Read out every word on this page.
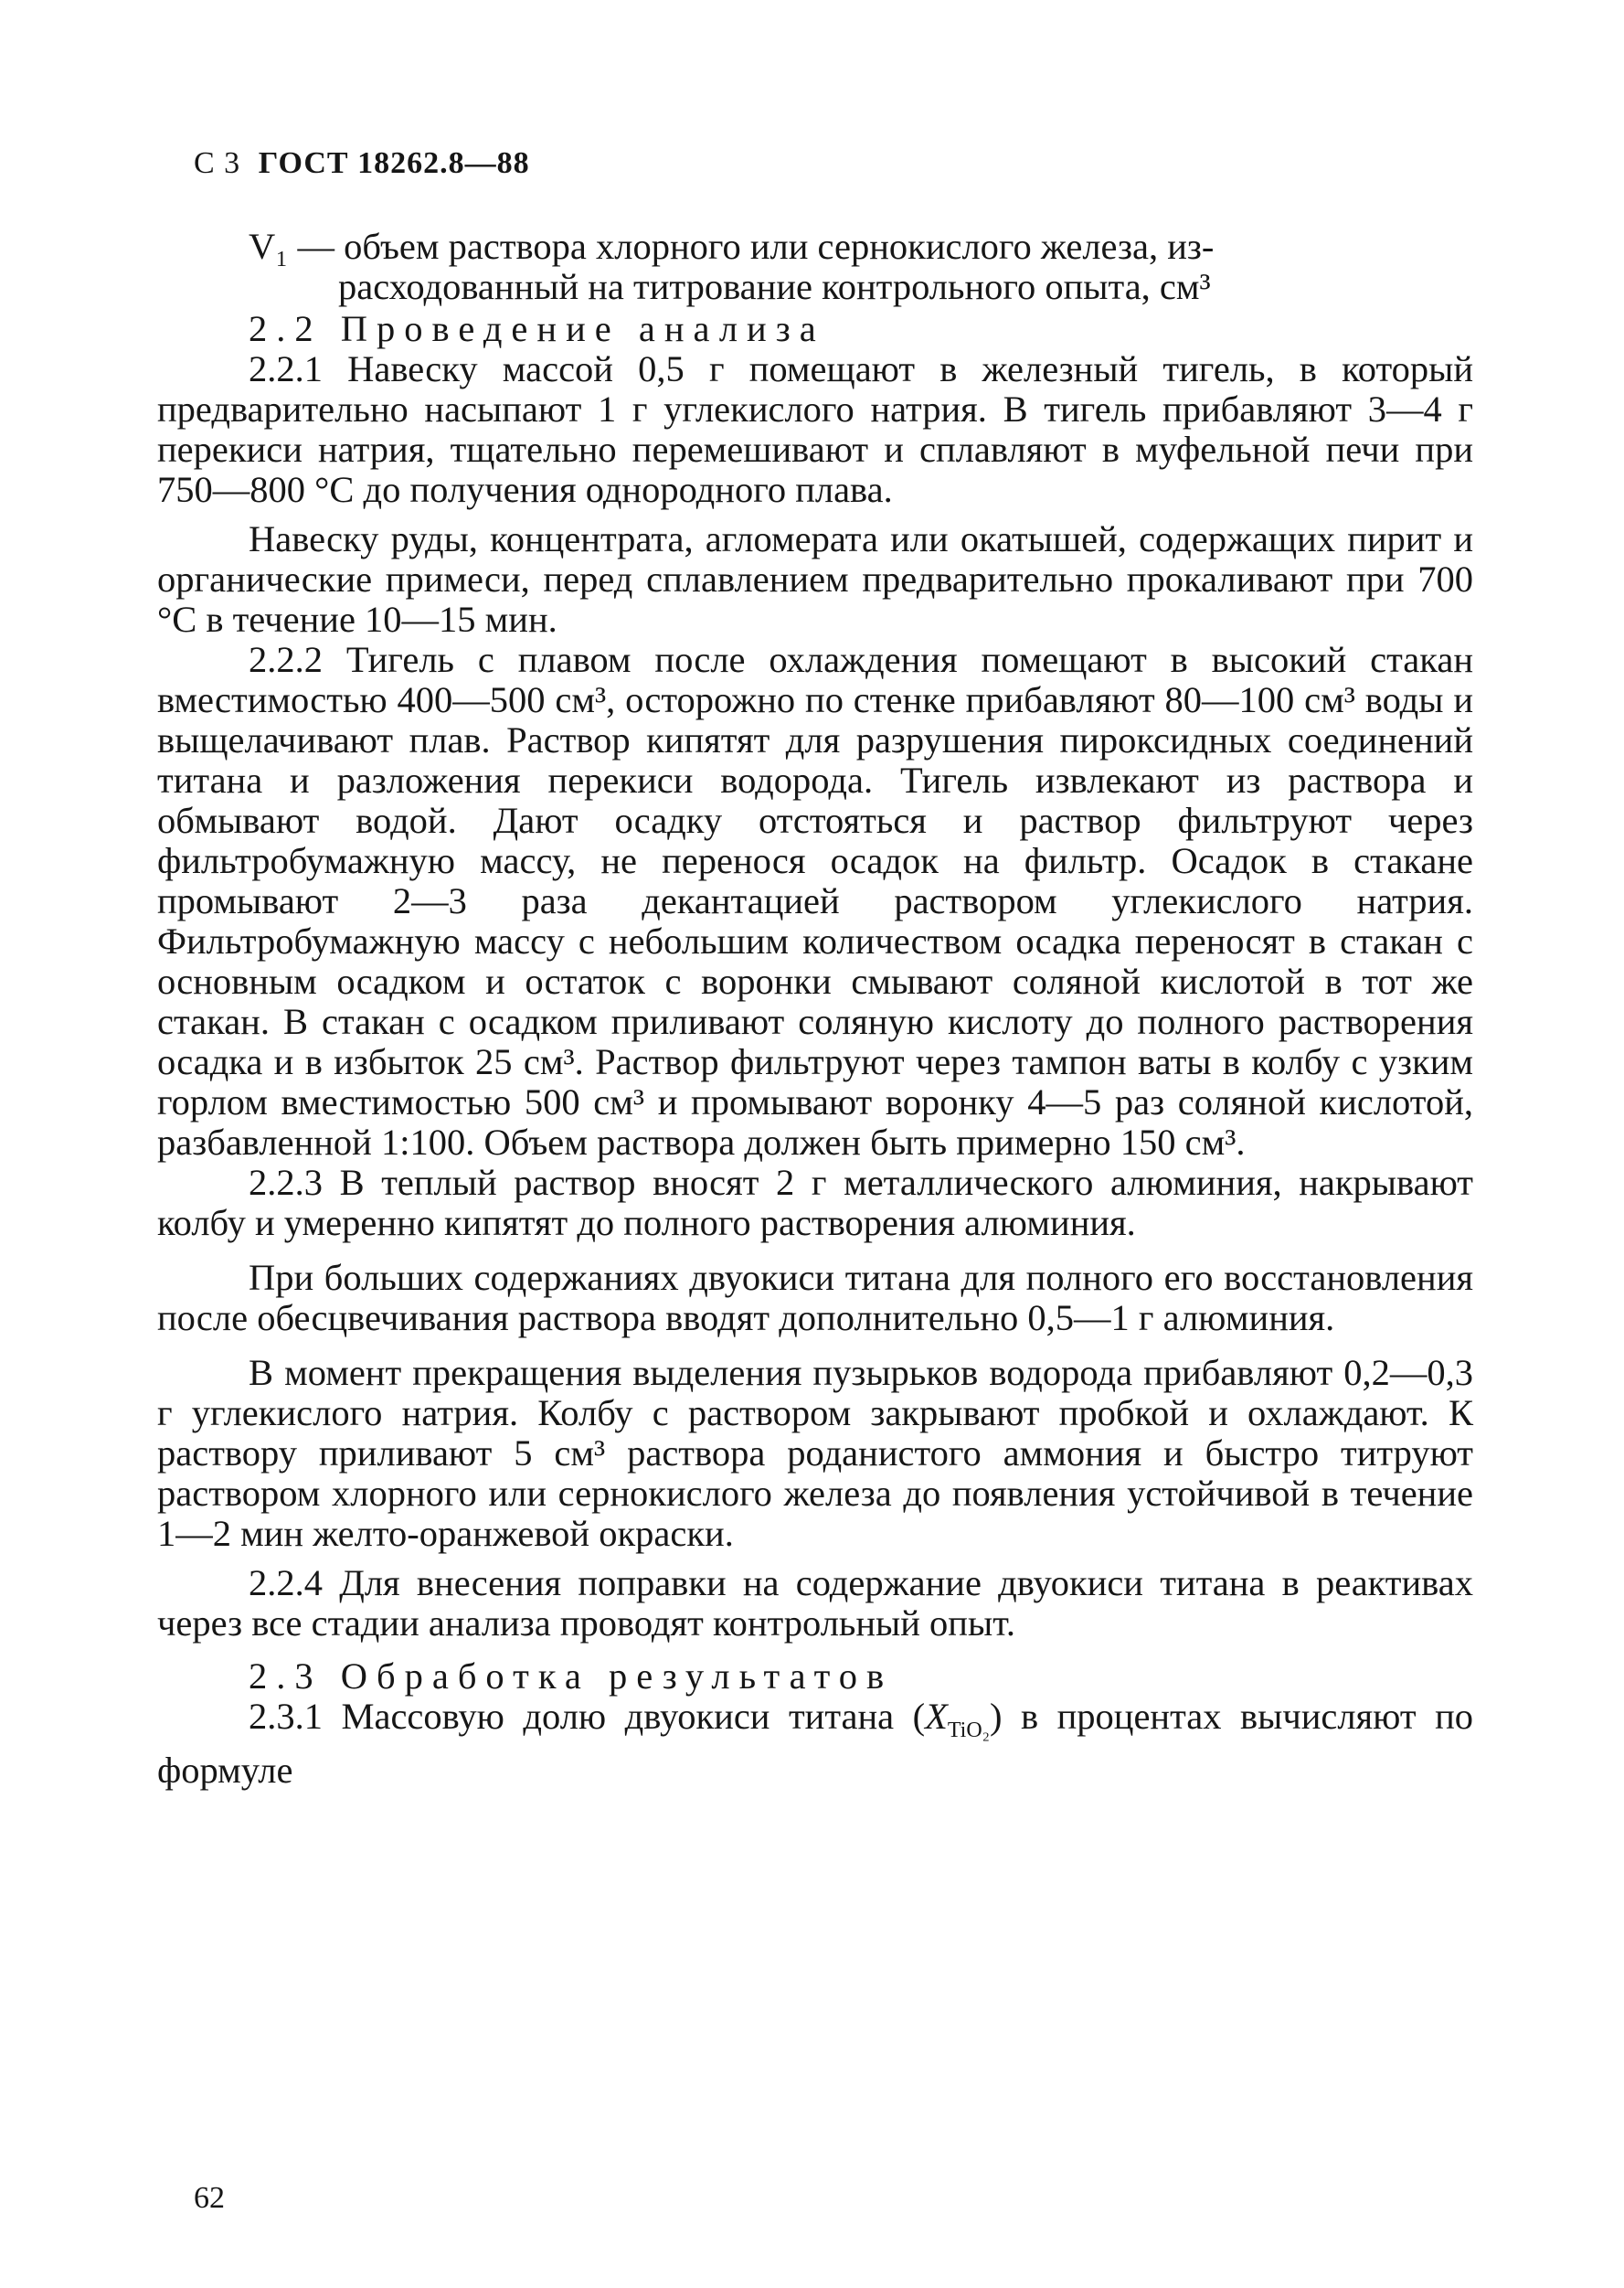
С 3 ГОСТ 18262.8—88

V₁ — объем раствора хлорного или сернокислого железа, из-

расходованный на титрование контрольного опыта, см³

2.2 Проведение анализа

2.2.1 Навеску массой 0,5 г помещают в железный тигель, в который предварительно насыпают 1 г углекислого натрия. В тигель прибавляют 3—4 г перекиси натрия, тщательно перемешивают и сплавляют в муфельной печи при 750—800 °С до получения однородного плава.

Навеску руды, концентрата, агломерата или окатышей, содержащих пирит и органические примеси, перед сплавлением предварительно прокаливают при 700 °С в течение 10—15 мин.

2.2.2 Тигель с плавом после охлаждения помещают в высокий стакан вместимостью 400—500 см³, осторожно по стенке прибавляют 80—100 см³ воды и выщелачивают плав. Раствор кипятят для разрушения пироксидных соединений титана и разложения перекиси водорода. Тигель извлекают из раствора и обмывают водой. Дают осадку отстояться и раствор фильтруют через фильтробумажную массу, не перенося осадок на фильтр. Осадок в стакане промывают 2—3 раза декантацией раствором углекислого натрия. Фильтробумажную массу с небольшим количеством осадка переносят в стакан с основным осадком и остаток с воронки смывают соляной кислотой в тот же стакан. В стакан с осадком приливают соляную кислоту до полного растворения осадка и в избыток 25 см³. Раствор фильтруют через тампон ваты в колбу с узким горлом вместимостью 500 см³ и промывают воронку 4—5 раз соляной кислотой, разбавленной 1:100. Объем раствора должен быть примерно 150 см³.

2.2.3 В теплый раствор вносят 2 г металлического алюминия, накрывают колбу и умеренно кипятят до полного растворения алюминия.

При больших содержаниях двуокиси титана для полного его восстановления после обесцвечивания раствора вводят дополнительно 0,5—1 г алюминия.

В момент прекращения выделения пузырьков водорода прибавляют 0,2—0,3 г углекислого натрия. Колбу с раствором закрывают пробкой и охлаждают. К раствору приливают 5 см³ раствора роданистого аммония и быстро титруют раствором хлорного или сернокислого железа до появления устойчивой в течение 1—2 мин желто-оранжевой окраски.

2.2.4 Для внесения поправки на содержание двуокиси титана в реактивах через все стадии анализа проводят контрольный опыт.

2.3 Обработка результатов

2.3.1 Массовую долю двуокиси титана $(X_{TiO_2})$ в процентах вычисляют по формуле

62
